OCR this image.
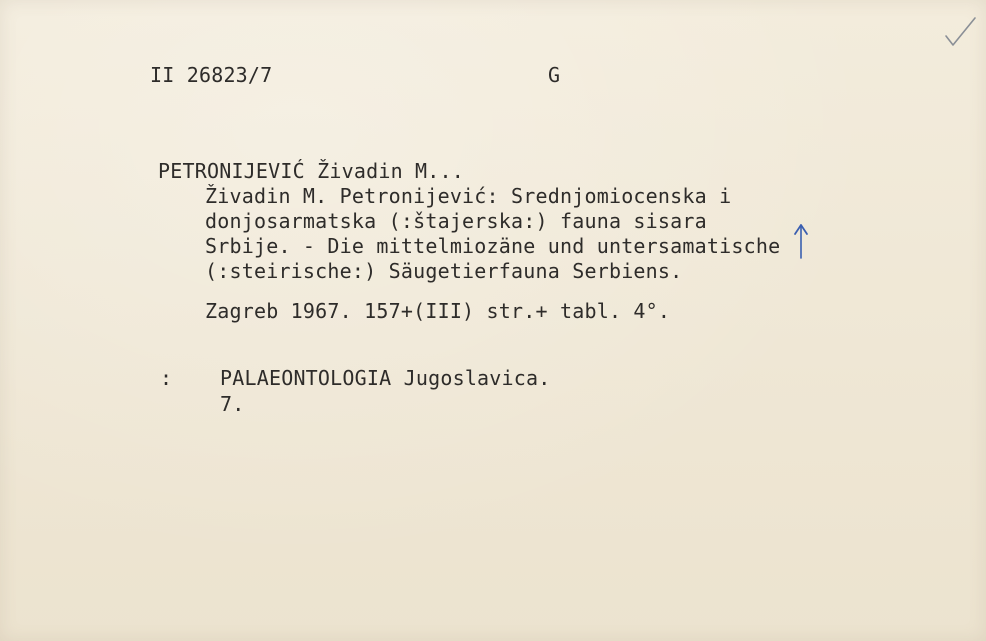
II 26823/7	G
PETRONIJEVIĆ Živadin M...
Živadin M. Petronijević: Srednjomiocenska i
donjosarmatska (:štajerska:) fauna sisara
Srbije. - Die mittelmiozäne und untersamatische
(:steirische:) Säugetierfauna Serbiens.
Zagreb 1967. 157+(III) str.+ tabl. 4°.
: PALAEONTOLOGIA Jugoslavica.
7.
